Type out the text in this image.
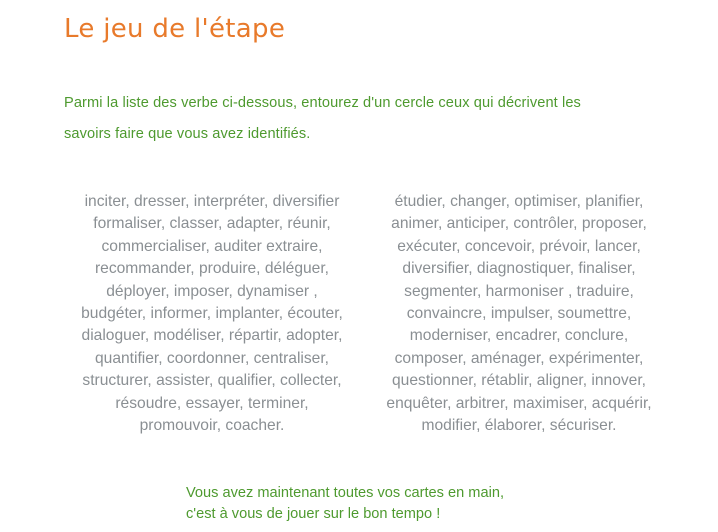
Le jeu de l'étape

Parmi la liste des verbe ci-dessous, entourez d'un cercle ceux qui décrivent les
savoirs faire que vous avez identifiés.

inciter, dresser, interpréter, diversifier
formaliser, classer, adapter, réunir,
commercialiser, auditer extraire,
recommander, produire, déléguer,
déployer, imposer, dynamiser ,
budgéter, informer, implanter, écouter,
dialoguer, modéliser, répartir, adopter,
quantifier, coordonner, centraliser,
structurer, assister, qualifier, collecter,
résoudre, essayer, terminer,
promouvoir, coacher.
étudier, changer, optimiser, planifier,
animer, anticiper, contrôler, proposer,
exécuter, concevoir, prévoir, lancer,
diversifier, diagnostiquer, finaliser,
segmenter, harmoniser , traduire,
convaincre, impulser, soumettre,
moderniser, encadrer, conclure,
composer, aménager, expérimenter,
questionner, rétablir, aligner, innover,
enquêter, arbitrer, maximiser, acquérir,
modifier, élaborer, sécuriser.

Vous avez maintenant toutes vos cartes en main,
c'est à vous de jouer sur le bon tempo !
